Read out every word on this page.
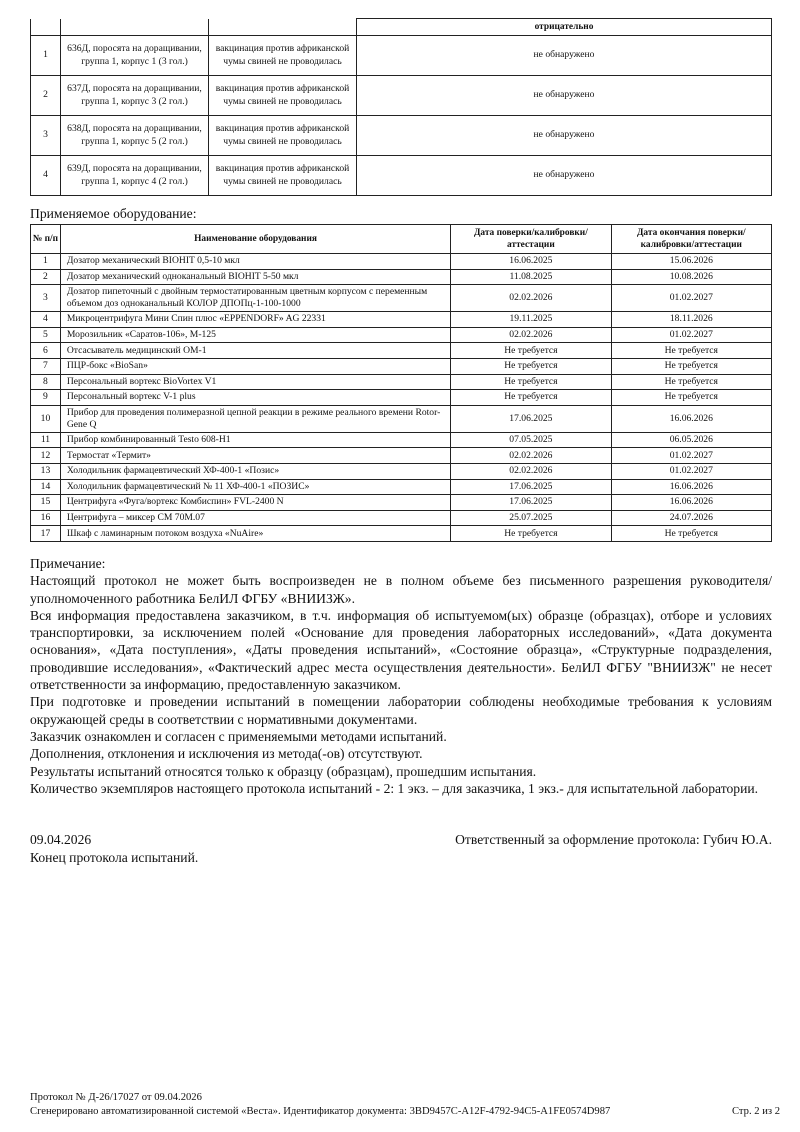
			отрицательно
1	636Д, поросята на доращивании, группа 1, корпус 1 (3 гол.)	вакцинация против африканской чумы свиней не проводилась	не обнаружено
2	637Д, поросята на доращивании, группа 1, корпус 3 (2 гол.)	вакцинация против африканской чумы свиней не проводилась	не обнаружено
3	638Д, поросята на доращивании, группа 1, корпус 5 (2 гол.)	вакцинация против африканской чумы свиней не проводилась	не обнаружено
4	639Д, поросята на доращивании, группа 1, корпус 4 (2 гол.)	вакцинация против африканской чумы свиней не проводилась	не обнаружено
Применяемое оборудование:
№ п/п	Наименование оборудования	Дата поверки/калибровки/аттестации	Дата окончания поверки/калибровки/аттестации
1	Дозатор механический BIOHIT 0,5-10 мкл	16.06.2025	15.06.2026
2	Дозатор механический одноканальный BIOHIT 5-50 мкл	11.08.2025	10.08.2026
3	Дозатор пипеточный с двойным термостатированным цветным корпусом с переменным объемом доз одноканальный КОЛОР ДПОПц-1-100-1000	02.02.2026	01.02.2027
4	Микроцентрифуга Мини Спин плюс «EPPENDORF» AG 22331	19.11.2025	18.11.2026
5	Морозильник «Саратов-106», М-125	02.02.2026	01.02.2027
6	Отсасыватель медицинский ОМ-1	Не требуется	Не требуется
7	ПЦР-бокс «BioSan»	Не требуется	Не требуется
8	Персональный вортекс BioVortex V1	Не требуется	Не требуется
9	Персональный вортекс V-1 plus	Не требуется	Не требуется
10	Прибор для проведения полимеразной цепной реакции в режиме реального времени Rotor-Gene Q	17.06.2025	16.06.2026
11	Прибор комбинированный Testo 608-H1	07.05.2025	06.05.2026
12	Термостат «Термит»	02.02.2026	01.02.2027
13	Холодильник фармацевтический ХФ-400-1 «Позис»	02.02.2026	01.02.2027
14	Холодильник фармацевтический № 11 ХФ-400-1 «ПОЗИС»	17.06.2025	16.06.2026
15	Центрифуга «Фуга/вортекс Комбиспин» FVL-2400 N	17.06.2025	16.06.2026
16	Центрифуга – миксер СМ 70М.07	25.07.2025	24.07.2026
17	Шкаф с ламинарным потоком воздуха «NuAire»	Не требуется	Не требуется

Примечание:

Настоящий протокол не может быть воспроизведен не в полном объеме без письменного разрешения руководителя/уполномоченного работника БелИЛ ФГБУ «ВНИИЗЖ».

Вся информация предоставлена заказчиком, в т.ч. информация об испытуемом(ых) образце (образцах), отборе и условиях транспортировки, за исключением полей «Основание для проведения лабораторных исследований», «Дата документа основания», «Дата поступления», «Даты проведения испытаний», «Состояние образца», «Структурные подразделения, проводившие исследования», «Фактический адрес места осуществления деятельности». БелИЛ ФГБУ "ВНИИЗЖ" не несет ответственности за информацию, предоставленную заказчиком.

При подготовке и проведении испытаний в помещении лаборатории соблюдены необходимые требования к условиям окружающей среды в соответствии с нормативными документами.

Заказчик ознакомлен и согласен с применяемыми методами испытаний.

Дополнения, отклонения и исключения из метода(-ов) отсутствуют.

Результаты испытаний относятся только к образцу (образцам), прошедшим испытания.

Количество экземпляров настоящего протокола испытаний - 2: 1 экз. – для заказчика, 1 экз.- для испытательной лаборатории.

09.04.2026	Ответственный за оформление протокола: Губич Ю.А.
Конец протокола испытаний.
Протокол № Д-26/17027 от 09.04.2026
Сгенерировано автоматизированной системой «Веста». Идентификатор документа: 3BD9457C-A12F-4792-94C5-A1FE0574D987	Стр. 2 из 2
